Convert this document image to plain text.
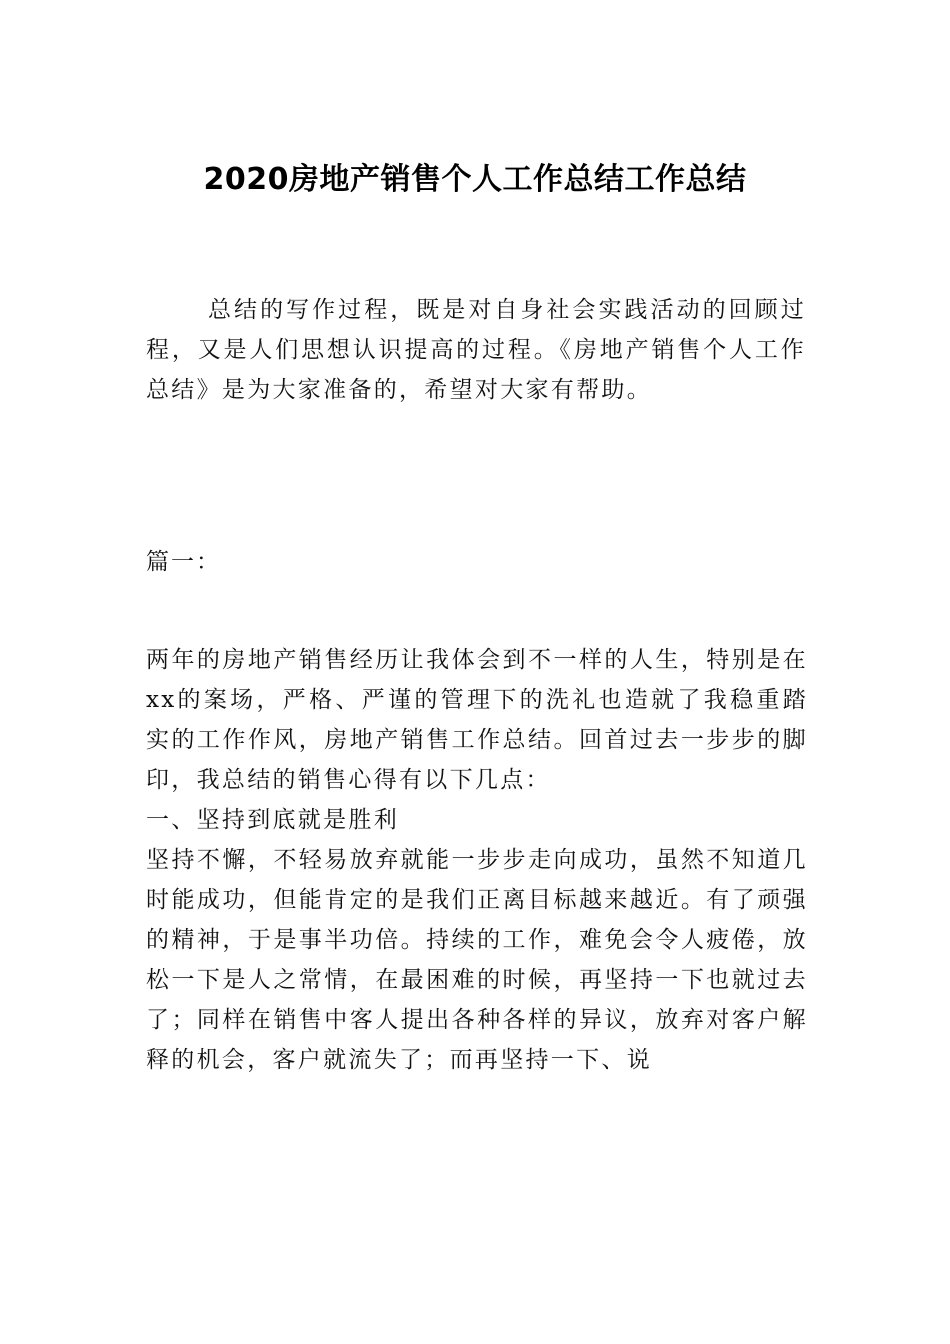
2020房地产销售个人工作总结工作总结

总结的写作过程，既是对自身社会实践活动的回顾过程，又是人们思想认识提高的过程。《房地产销售个人工作总结》是为大家准备的，希望对大家有帮助。

篇一：

两年的房地产销售经历让我体会到不一样的人生，特别是在xx的案场，严格、严谨的管理下的洗礼也造就了我稳重踏实的工作作风，房地产销售工作总结。回首过去一步步的脚印，我总结的销售心得有以下几点：

一、坚持到底就是胜利

坚持不懈，不轻易放弃就能一步步走向成功，虽然不知道几时能成功，但能肯定的是我们正离目标越来越近。有了顽强的精神，于是事半功倍。持续的工作，难免会令人疲倦，放松一下是人之常情，在最困难的时候，再坚持一下也就过去了；同样在销售中客人提出各种各样的异议，放弃对客户解释的机会，客户就流失了；而再坚持一下、说
